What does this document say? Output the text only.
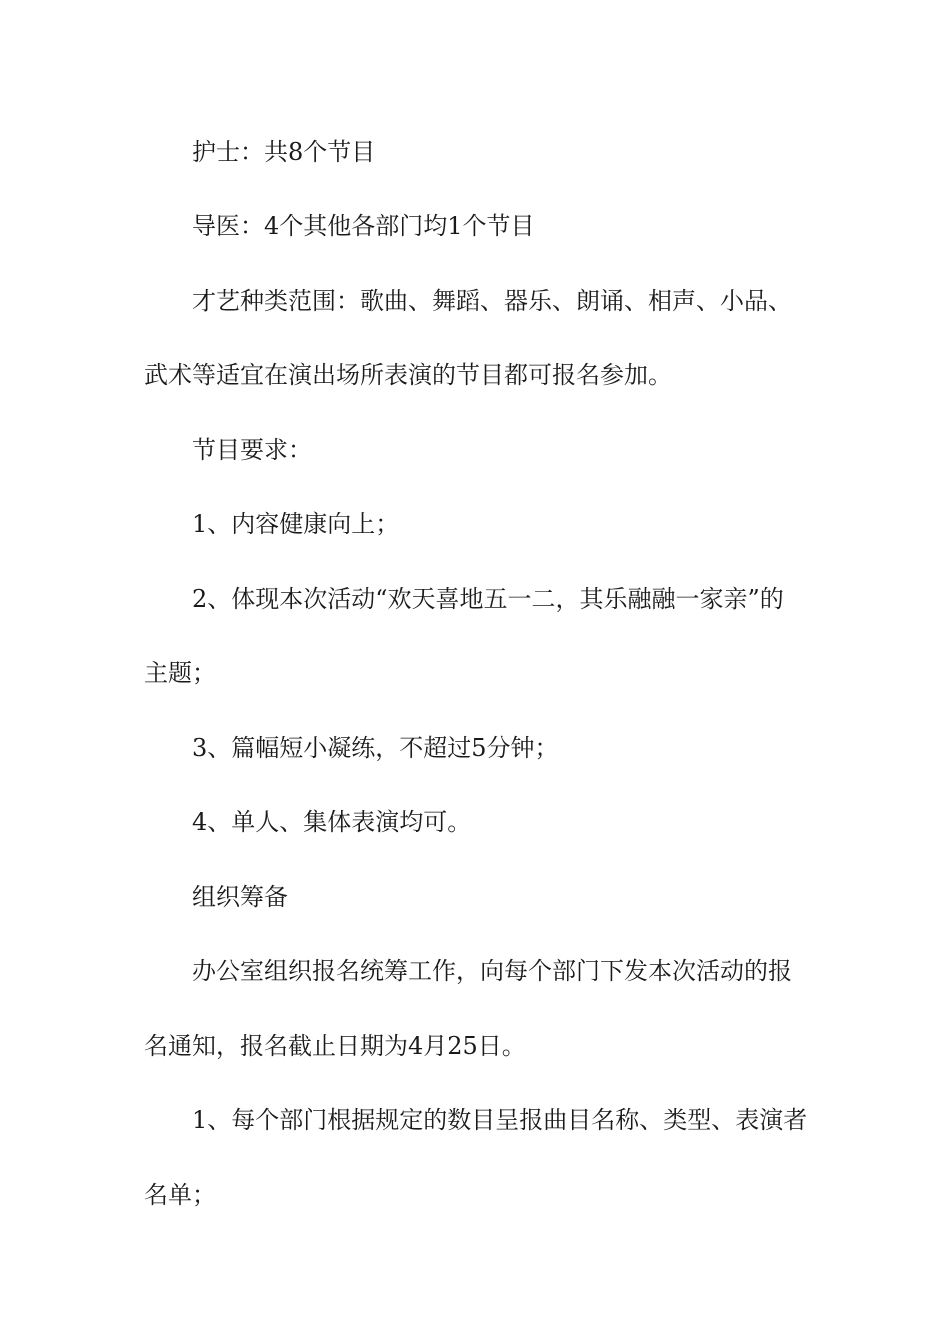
护士：共8个节目
导医：4个其他各部门均1个节目
才艺种类范围：歌曲、舞蹈、器乐、朗诵、相声、小品、
武术等适宜在演出场所表演的节目都可报名参加。
节目要求：
1、内容健康向上；
2、体现本次活动“欢天喜地五一二，其乐融融一家亲”的
主题；
3、篇幅短小凝练，不超过5分钟；
4、单人、集体表演均可。
组织筹备
办公室组织报名统筹工作，向每个部门下发本次活动的报
名通知，报名截止日期为4月25日。
1、每个部门根据规定的数目呈报曲目名称、类型、表演者
名单；
